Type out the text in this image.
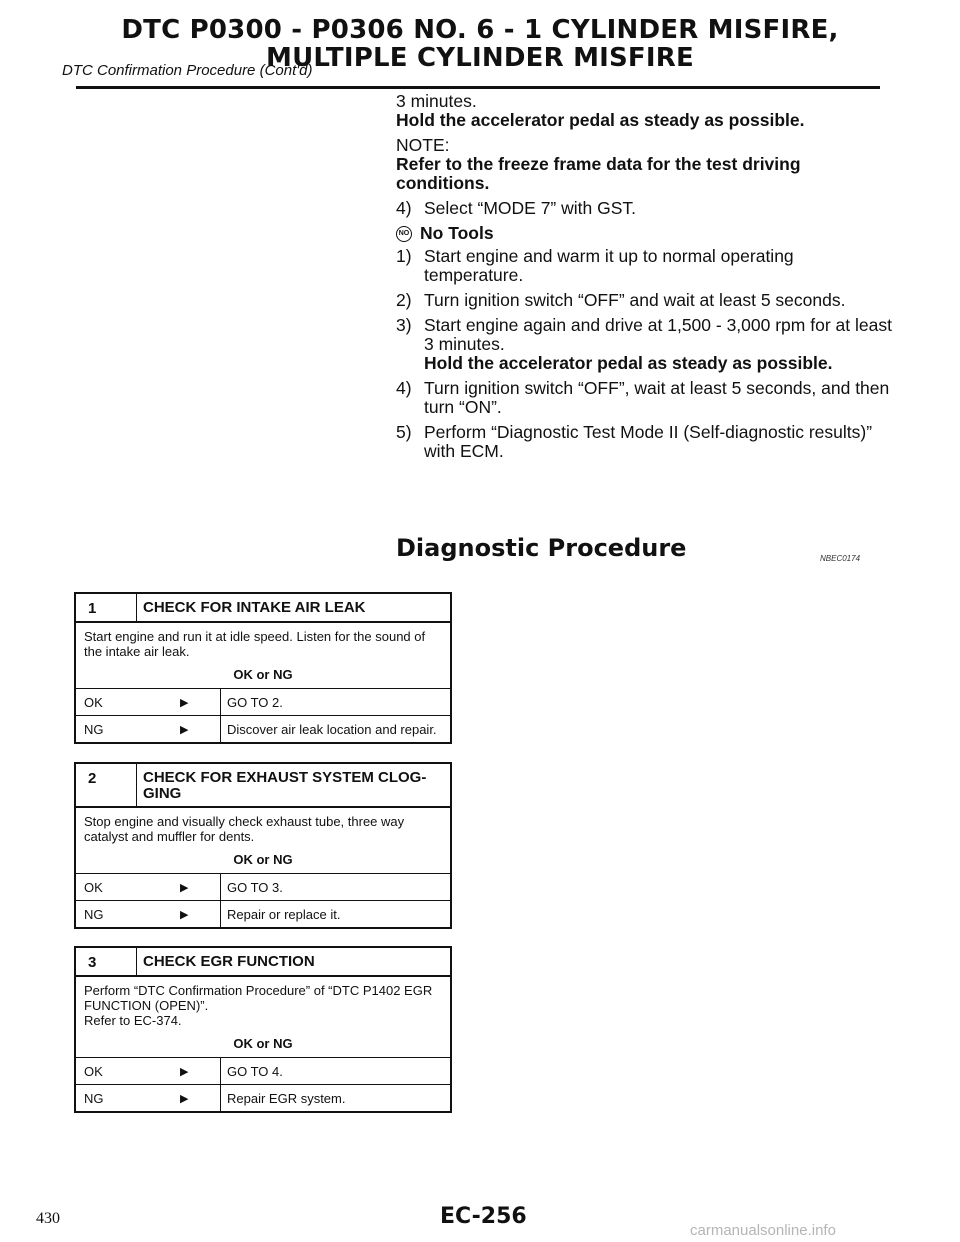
DTC P0300 - P0306 NO. 6 - 1 CYLINDER MISFIRE,
MULTIPLE CYLINDER MISFIRE
DTC Confirmation Procedure (Cont'd)

3 minutes.

Hold the accelerator pedal as steady as possible.

NOTE:

Refer to the freeze frame data for the test driving conditions.

4) Select “MODE 7” with GST.
NO No Tools
1) Start engine and warm it up to normal operating temperature.
2) Turn ignition switch “OFF” and wait at least 5 seconds.
3) Start engine again and drive at 1,500 - 3,000 rpm for at least 3 minutes.
Hold the accelerator pedal as steady as possible.
4) Turn ignition switch “OFF”, wait at least 5 seconds, and then turn “ON”.
5) Perform “Diagnostic Test Mode II (Self-diagnostic results)” with ECM.
Diagnostic Procedure	NBEC0174
1	CHECK FOR INTAKE AIR LEAK

Start engine and run it at idle speed. Listen for the sound of the intake air leak.

OK or NG
OK	▶	GO TO 2.
NG	▶	Discover air leak location and repair.
2	CHECK FOR EXHAUST SYSTEM CLOG-GING

Stop engine and visually check exhaust tube, three way catalyst and muffler for dents.

OK or NG
OK	▶	GO TO 3.
NG	▶	Repair or replace it.
3	CHECK EGR FUNCTION

Perform “DTC Confirmation Procedure” of “DTC P1402 EGR FUNCTION (OPEN)”.

Refer to EC-374.

OK or NG
OK	▶	GO TO 4.
NG	▶	Repair EGR system.
430	EC-256
carmanualsonline.info
